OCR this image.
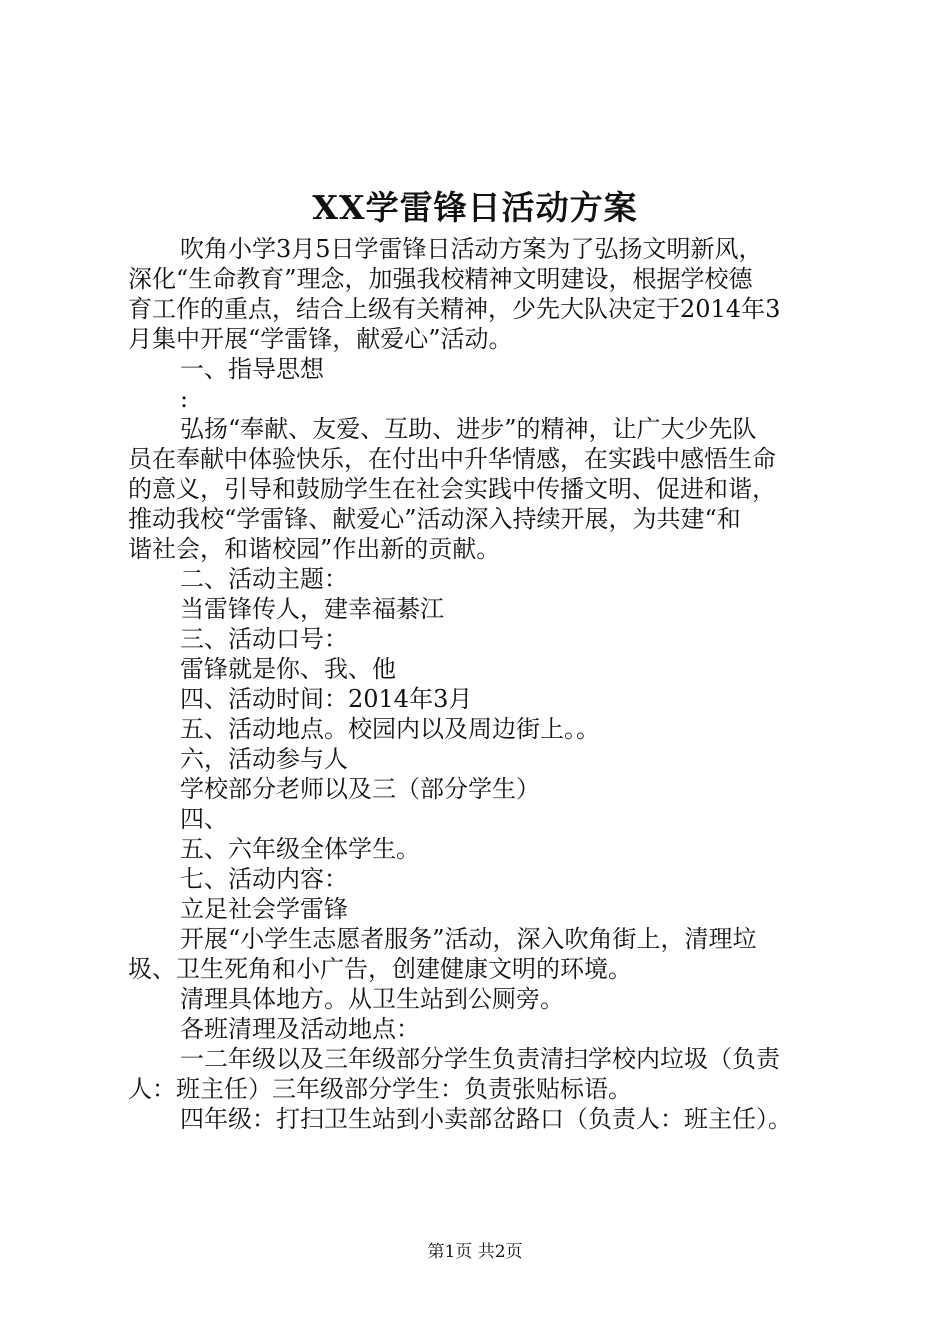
XX学雷锋日活动方案

吹角小学3月5日学雷锋日活动方案为了弘扬文明新风，

深化“生命教育”理念，加强我校精神文明建设，根据学校德

育工作的重点，结合上级有关精神，少先大队决定于2014年3

月集中开展“学雷锋，献爱心”活动。

一、指导思想

:

弘扬“奉献、友爱、互助、进步”的精神，让广大少先队

员在奉献中体验快乐，在付出中升华情感，在实践中感悟生命

的意义，引导和鼓励学生在社会实践中传播文明、促进和谐，

推动我校“学雷锋、献爱心”活动深入持续开展，为共建“和

谐社会，和谐校园”作出新的贡献。

二、活动主题：

当雷锋传人，建幸福綦江

三、活动口号：

雷锋就是你、我、他

四、活动时间：2014年3月

五、活动地点。校园内以及周边街上。。

六，活动参与人

学校部分老师以及三（部分学生）

四、

五、六年级全体学生。

七、活动内容：

立足社会学雷锋

开展“小学生志愿者服务”活动，深入吹角街上，清理垃

圾、卫生死角和小广告，创建健康文明的环境。

清理具体地方。从卫生站到公厕旁。

各班清理及活动地点：

一二年级以及三年级部分学生负责清扫学校内垃圾（负责

人：班主任）三年级部分学生：负责张贴标语。

四年级：打扫卫生站到小卖部岔路口（负责人：班主任）。

第1页 共2页
